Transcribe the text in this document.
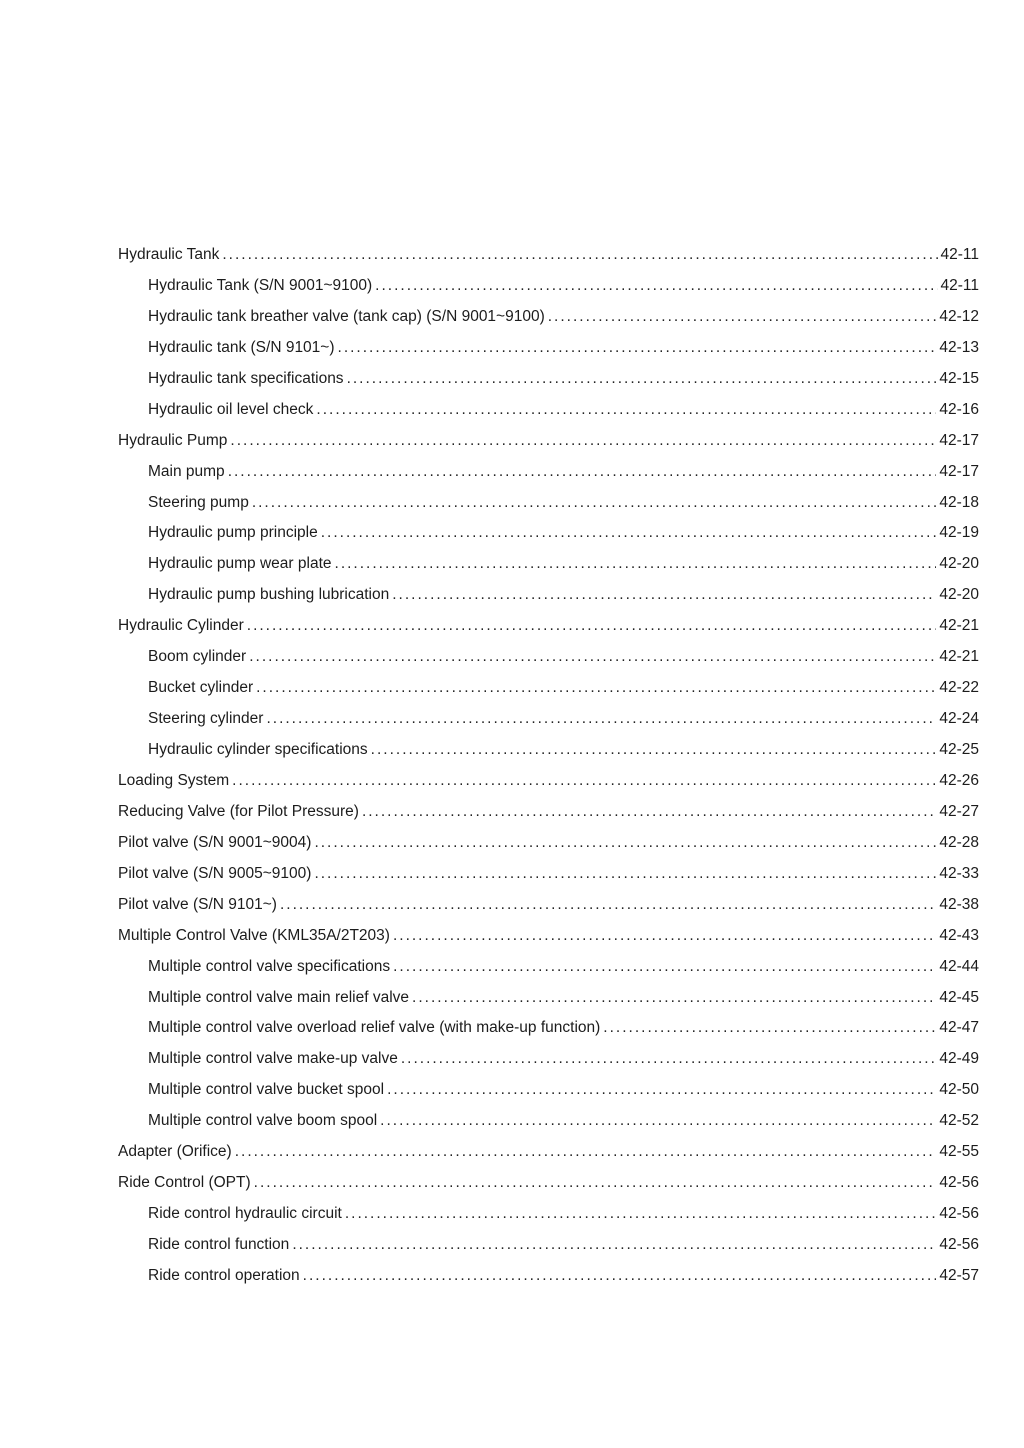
Hydraulic Tank .....	42-11
Hydraulic Tank (S/N 9001~9100) .....	42-11
Hydraulic tank breather valve (tank cap) (S/N 9001~9100) .....	42-12
Hydraulic tank (S/N 9101~) .....	42-13
Hydraulic tank specifications .....	42-15
Hydraulic oil level check .....	42-16
Hydraulic Pump .....	42-17
Main pump .....	42-17
Steering pump .....	42-18
Hydraulic pump principle .....	42-19
Hydraulic pump wear plate .....	42-20
Hydraulic pump bushing lubrication .....	42-20
Hydraulic Cylinder .....	42-21
Boom cylinder .....	42-21
Bucket cylinder .....	42-22
Steering cylinder .....	42-24
Hydraulic cylinder specifications .....	42-25
Loading System .....	42-26
Reducing Valve (for Pilot Pressure) .....	42-27
Pilot valve (S/N 9001~9004) .....	42-28
Pilot valve (S/N 9005~9100) .....	42-33
Pilot valve (S/N 9101~) .....	42-38
Multiple Control Valve (KML35A/2T203) .....	42-43
Multiple control valve specifications .....	42-44
Multiple control valve main relief valve .....	42-45
Multiple control valve overload relief valve (with make-up function) .....	42-47
Multiple control valve make-up valve .....	42-49
Multiple control valve bucket spool .....	42-50
Multiple control valve boom spool .....	42-52
Adapter (Orifice) .....	42-55
Ride Control (OPT) .....	42-56
Ride control hydraulic circuit .....	42-56
Ride control function .....	42-56
Ride control operation .....	42-57
